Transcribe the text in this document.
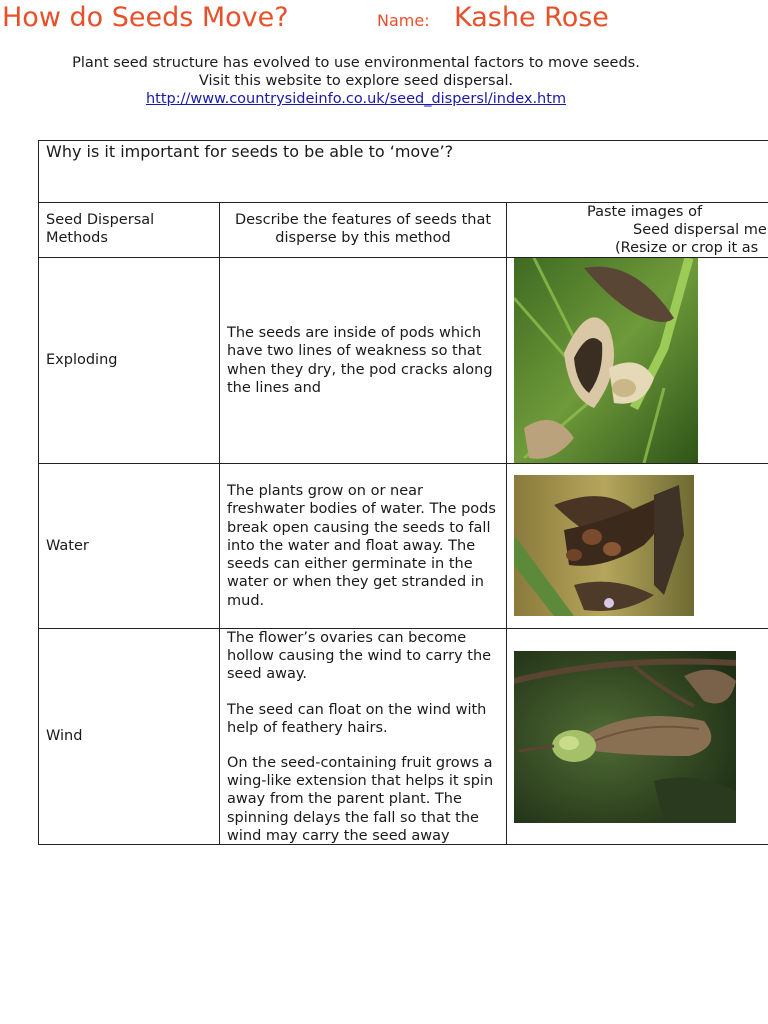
How do Seeds Move?	Name: Kashe Rose
Plant seed structure has evolved to use environmental factors to move seeds.
Visit this website to explore seed dispersal.
http://www.countrysideinfo.co.uk/seed_dispersl/index.htm
Why is it important for seeds to be able to ‘move’?
Seed Dispersal
Methods
Describe the features of seeds that
disperse by this method
Paste images of
Seed dispersal me
(Resize or crop it as
Exploding
The seeds are inside of pods which have two lines of weakness so that when they dry, the pod cracks along the lines and
Water
The plants grow on or near freshwater bodies of water. The pods break open causing the seeds to fall into the water and float away. The seeds can either germinate in the water or when they get stranded in mud.
Wind
The flower’s ovaries can become hollow causing the wind to carry the seed away.
The seed can float on the wind with help of feathery hairs.
On the seed-containing fruit grows a wing-like extension that helps it spin away from the parent plant. The spinning delays the fall so that the wind may carry the seed away
